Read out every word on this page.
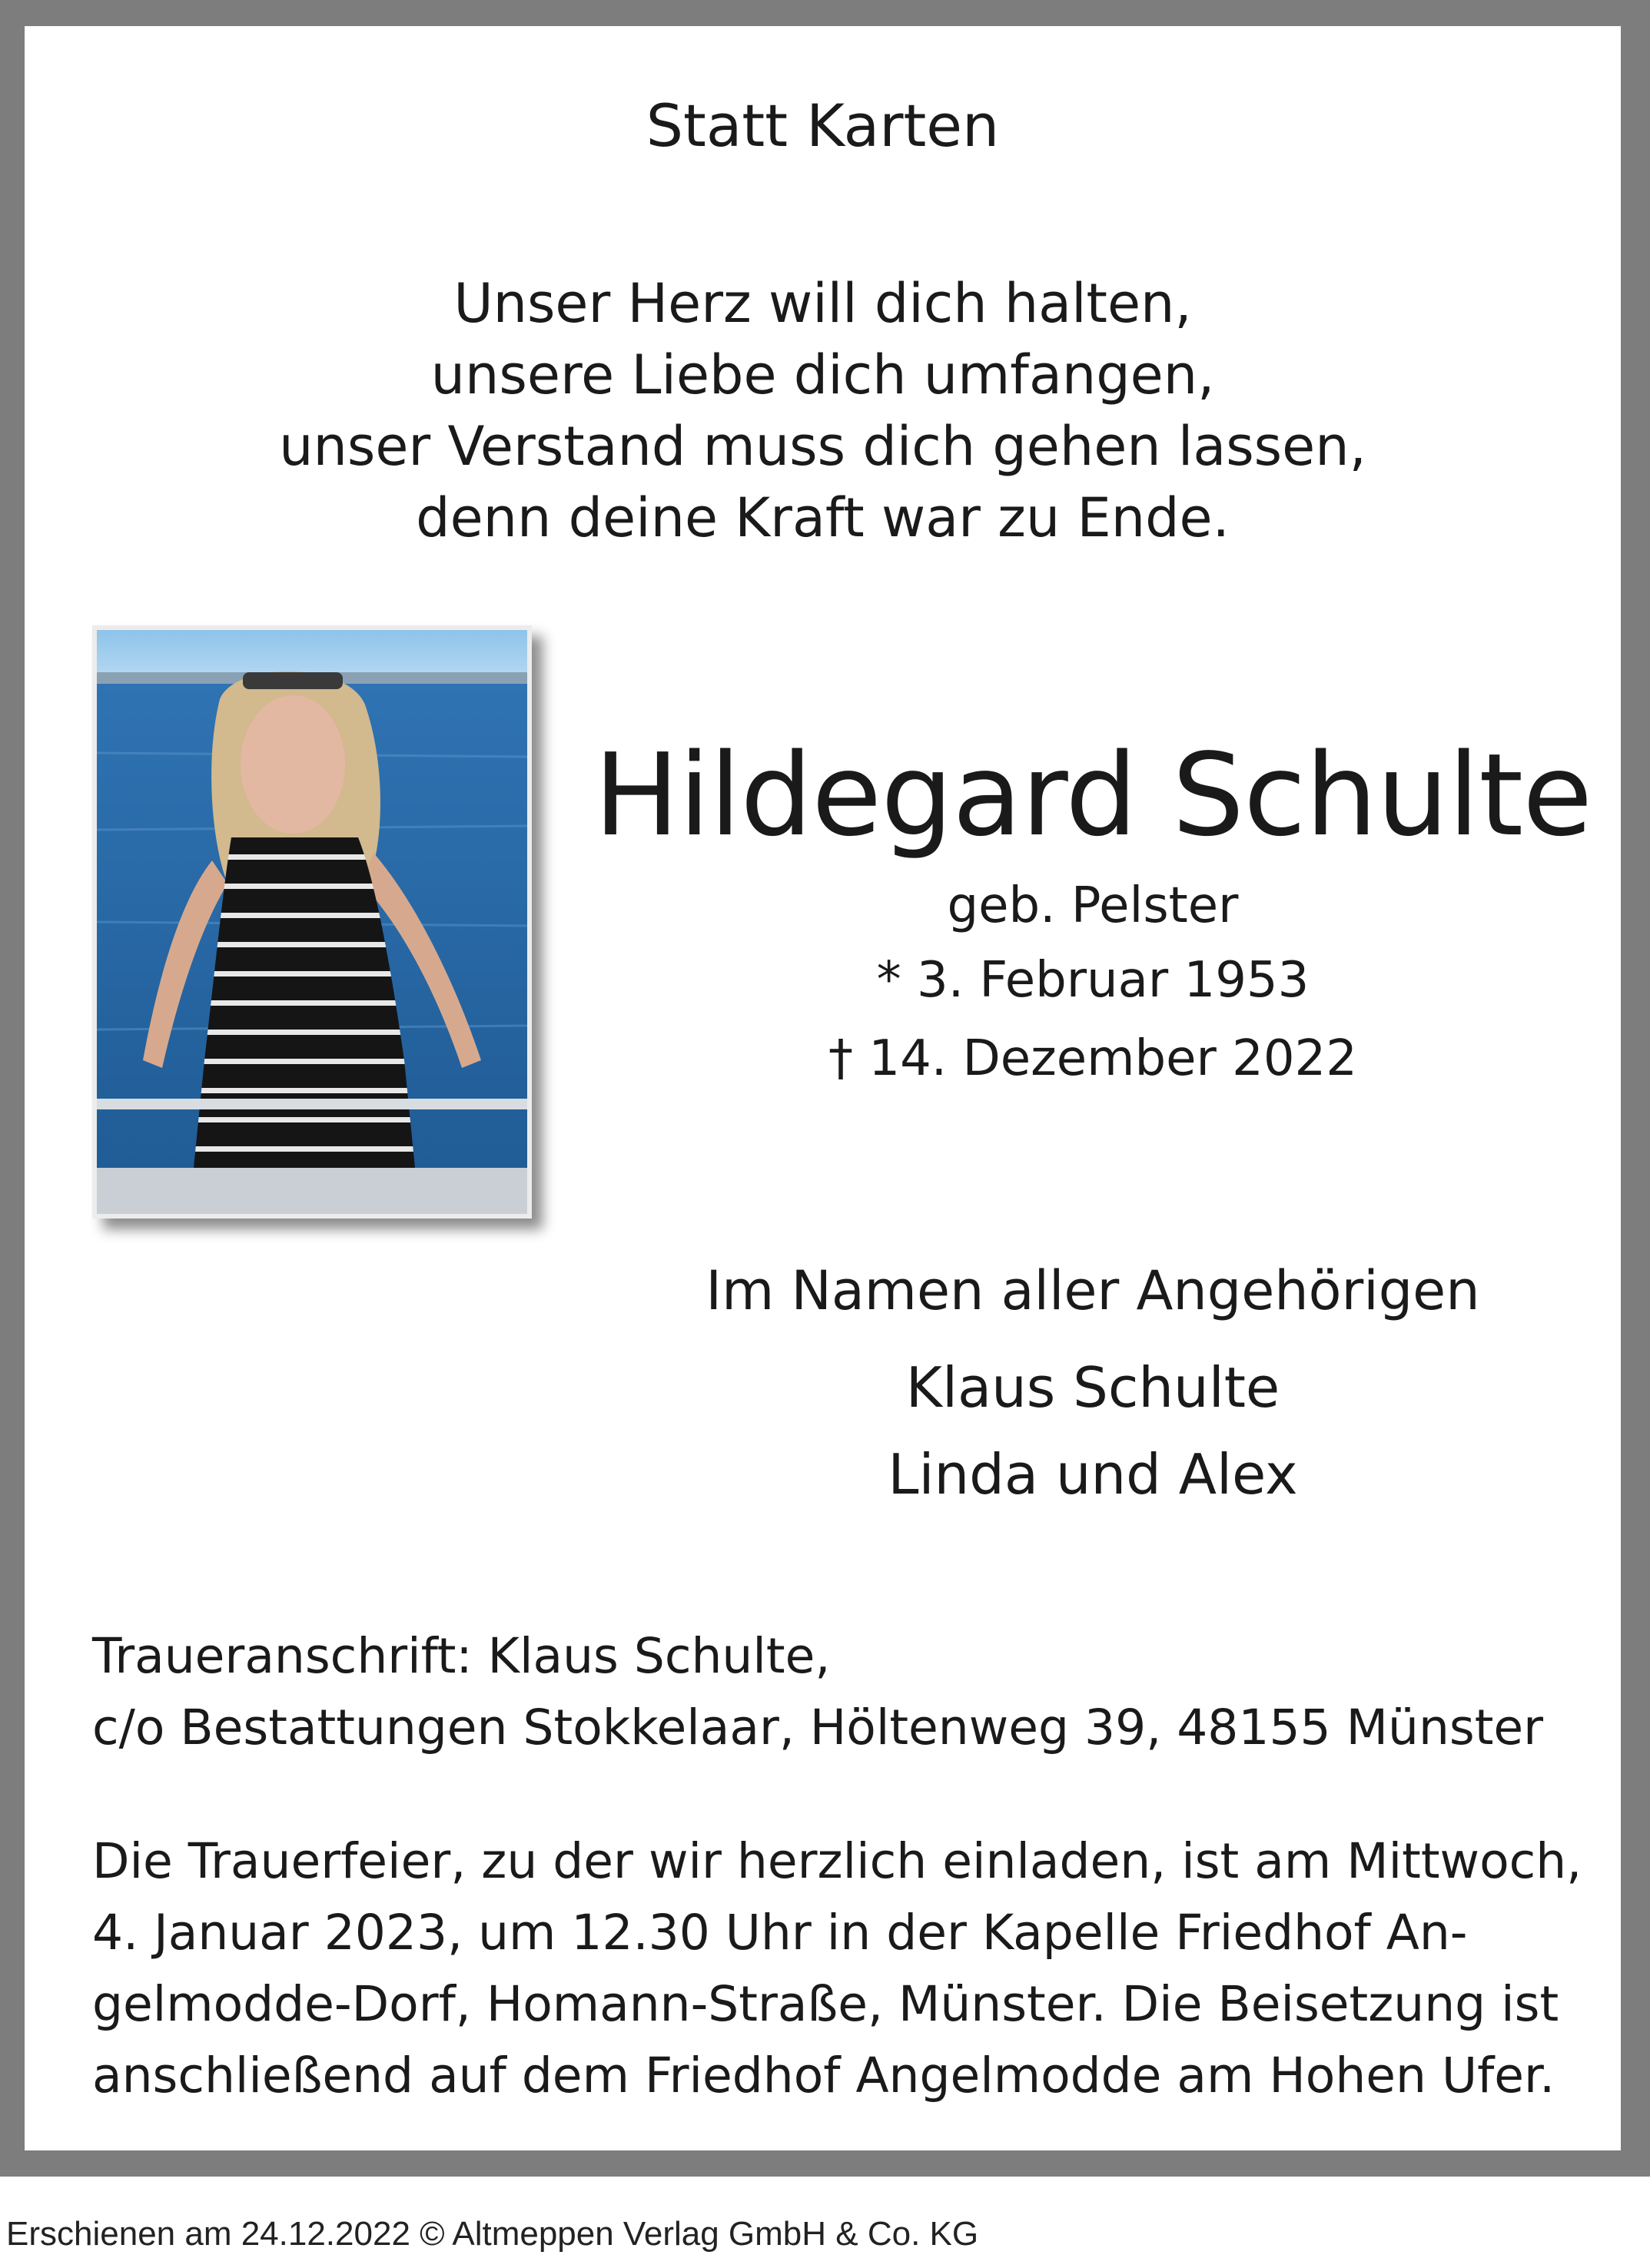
Statt Karten
Unser Herz will dich halten,
unsere Liebe dich umfangen,
unser Verstand muss dich gehen lassen,
denn deine Kraft war zu Ende.
Hildegard Schulte
geb. Pelster
* 3. Februar 1953
† 14. Dezember 2022
Im Namen aller Angehörigen
Klaus Schulte
Linda und Alex
Traueranschrift: Klaus Schulte,
c/o Bestattungen Stokkelaar, Höltenweg 39, 48155 Münster
Die Trauerfeier, zu der wir herzlich einladen, ist am Mittwoch,
4. Januar 2023, um 12.30 Uhr in der Kapelle Friedhof An-
gelmodde-Dorf, Homann-Straße, Münster. Die Beisetzung ist
anschließend auf dem Friedhof Angelmodde am Hohen Ufer.
Erschienen am 24.12.2022 © Altmeppen Verlag GmbH & Co. KG
